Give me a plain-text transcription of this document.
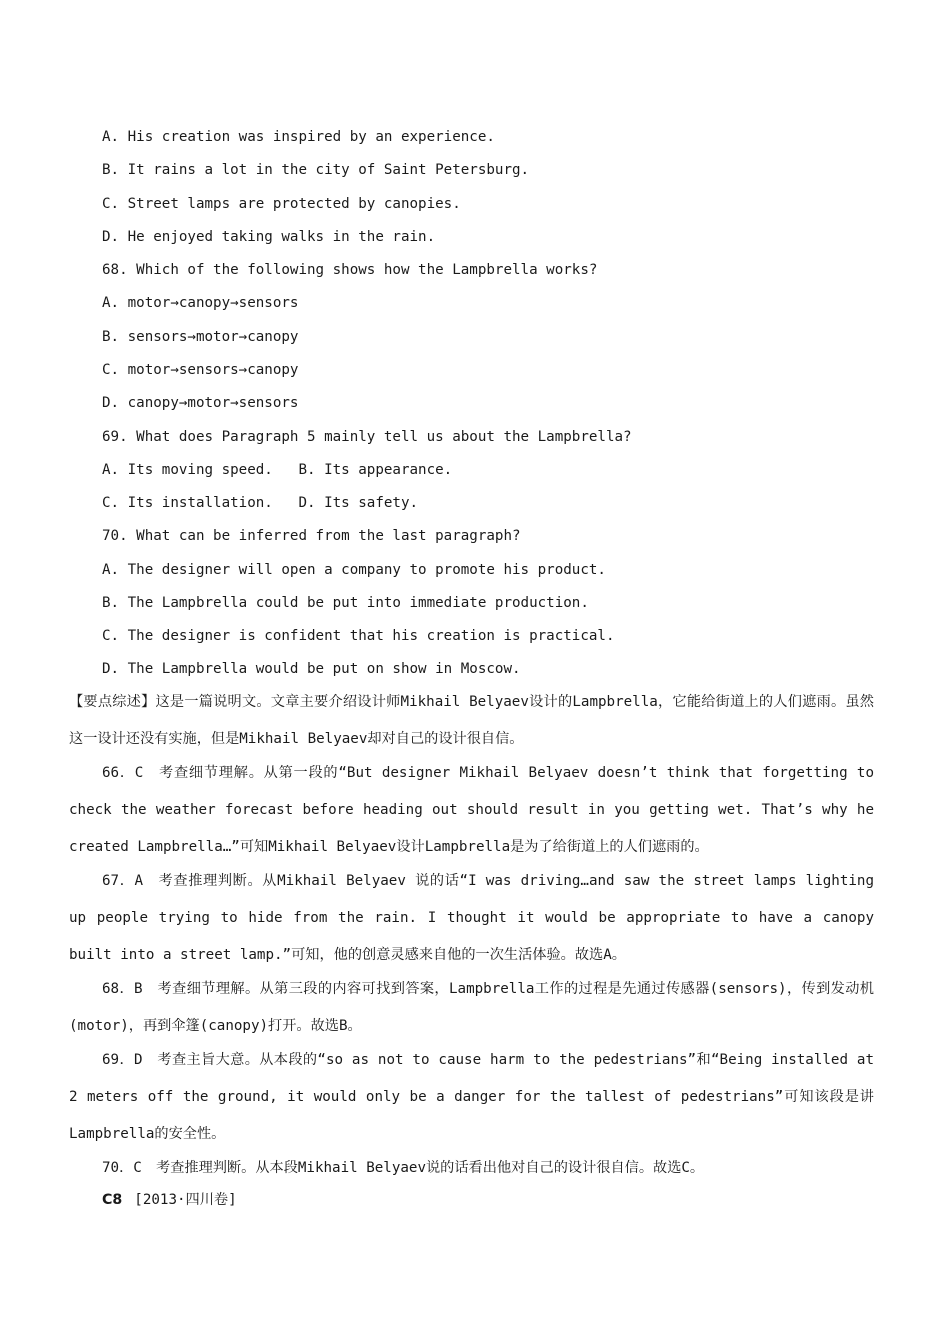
A. His creation was inspired by an experience.
B. It rains a lot in the city of Saint Petersburg.
C. Street lamps are protected by canopies.
D. He enjoyed taking walks in the rain.
68. Which of the following shows how the Lampbrella works?
A. motor→canopy→sensors
B. sensors→motor→canopy
C. motor→sensors→canopy
D. canopy→motor→sensors
69. What does Paragraph 5 mainly tell us about the Lampbrella?
A. Its moving speed.   B. Its appearance.
C. Its installation.   D. Its safety.
70. What can be inferred from the last paragraph?
A. The designer will open a company to promote his product.
B. The Lampbrella could be put into immediate production.
C. The designer is confident that his creation is practical.
D. The Lampbrella would be put on show in Moscow.
【要点综述】这是一篇说明文。文章主要介绍设计师Mikhail Belyaev设计的Lampbrella，它能给街道上的人们遮雨。虽然这一设计还没有实施，但是Mikhail Belyaev却对自己的设计很自信。
66．C　考查细节理解。从第一段的“But designer Mikhail Belyaev doesn’t think that forgetting to check the weather forecast before heading out should result in you getting wet. That’s why he created Lampbrella…”可知Mikhail Belyaev设计Lampbrella是为了给街道上的人们遮雨的。
67．A　考查推理判断。从Mikhail Belyaev 说的话“I was driving…and saw the street lamps lighting up people trying to hide from the rain. I thought it would be appropriate to have a canopy built into a street lamp.”可知，他的创意灵感来自他的一次生活体验。故选A。
68．B　考查细节理解。从第三段的内容可找到答案，Lampbrella工作的过程是先通过传感器(sensors)，传到发动机(motor)，再到伞篷(canopy)打开。故选B。
69．D　考查主旨大意。从本段的“so as not to cause harm to the pedestrians”和“Being installed at 2 meters off the ground, it would only be a danger for the tallest of pedestrians”可知该段是讲Lampbrella的安全性。
70．C　考查推理判断。从本段Mikhail Belyaev说的话看出他对自己的设计很自信。故选C。
C8 [2013·四川卷]
